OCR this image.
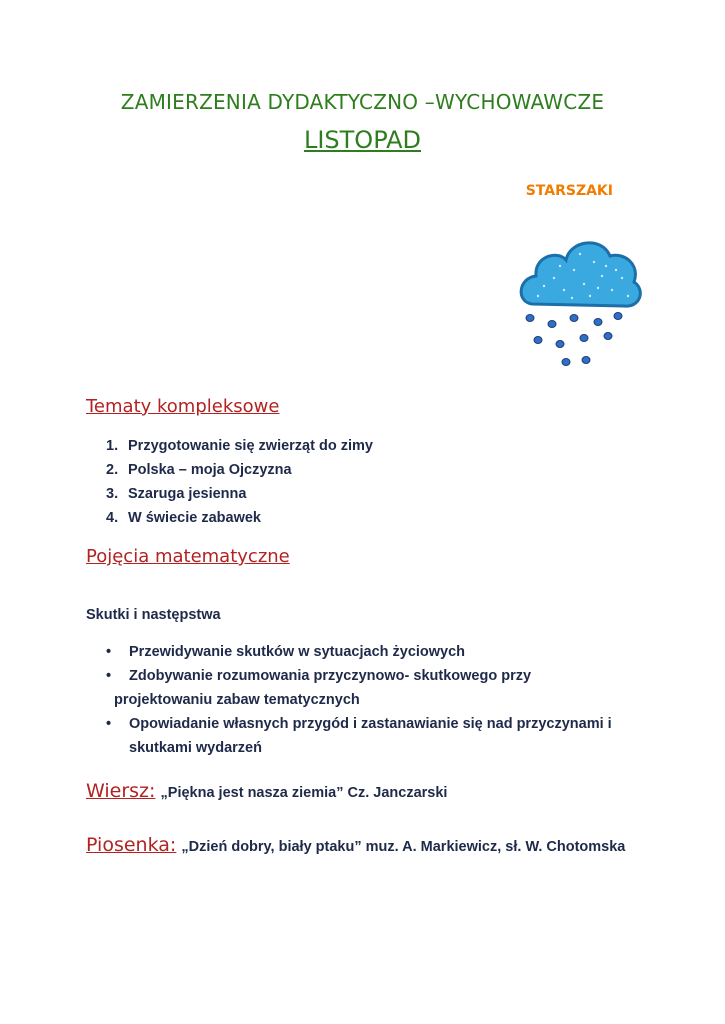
ZAMIERZENIA DYDAKTYCZNO –WYCHOWAWCZE
LISTOPAD
STARSZAKI
Tematy kompleksowe
1. Przygotowanie się zwierząt do zimy
2. Polska – moja Ojczyzna
3. Szaruga jesienna
4. W świecie zabawek
Pojęcia matematyczne
Skutki i następstwa
• Przewidywanie skutków w sytuacjach życiowych
• Zdobywanie rozumowania przyczynowo- skutkowego przy
projektowaniu zabaw tematycznych
• Opowiadanie własnych przygód i zastanawianie się nad przyczynami i
skutkami wydarzeń
Wiersz: „Piękna jest nasza ziemia” Cz. Janczarski
Piosenka: „Dzień dobry, biały ptaku” muz. A. Markiewicz, sł. W. Chotomska
